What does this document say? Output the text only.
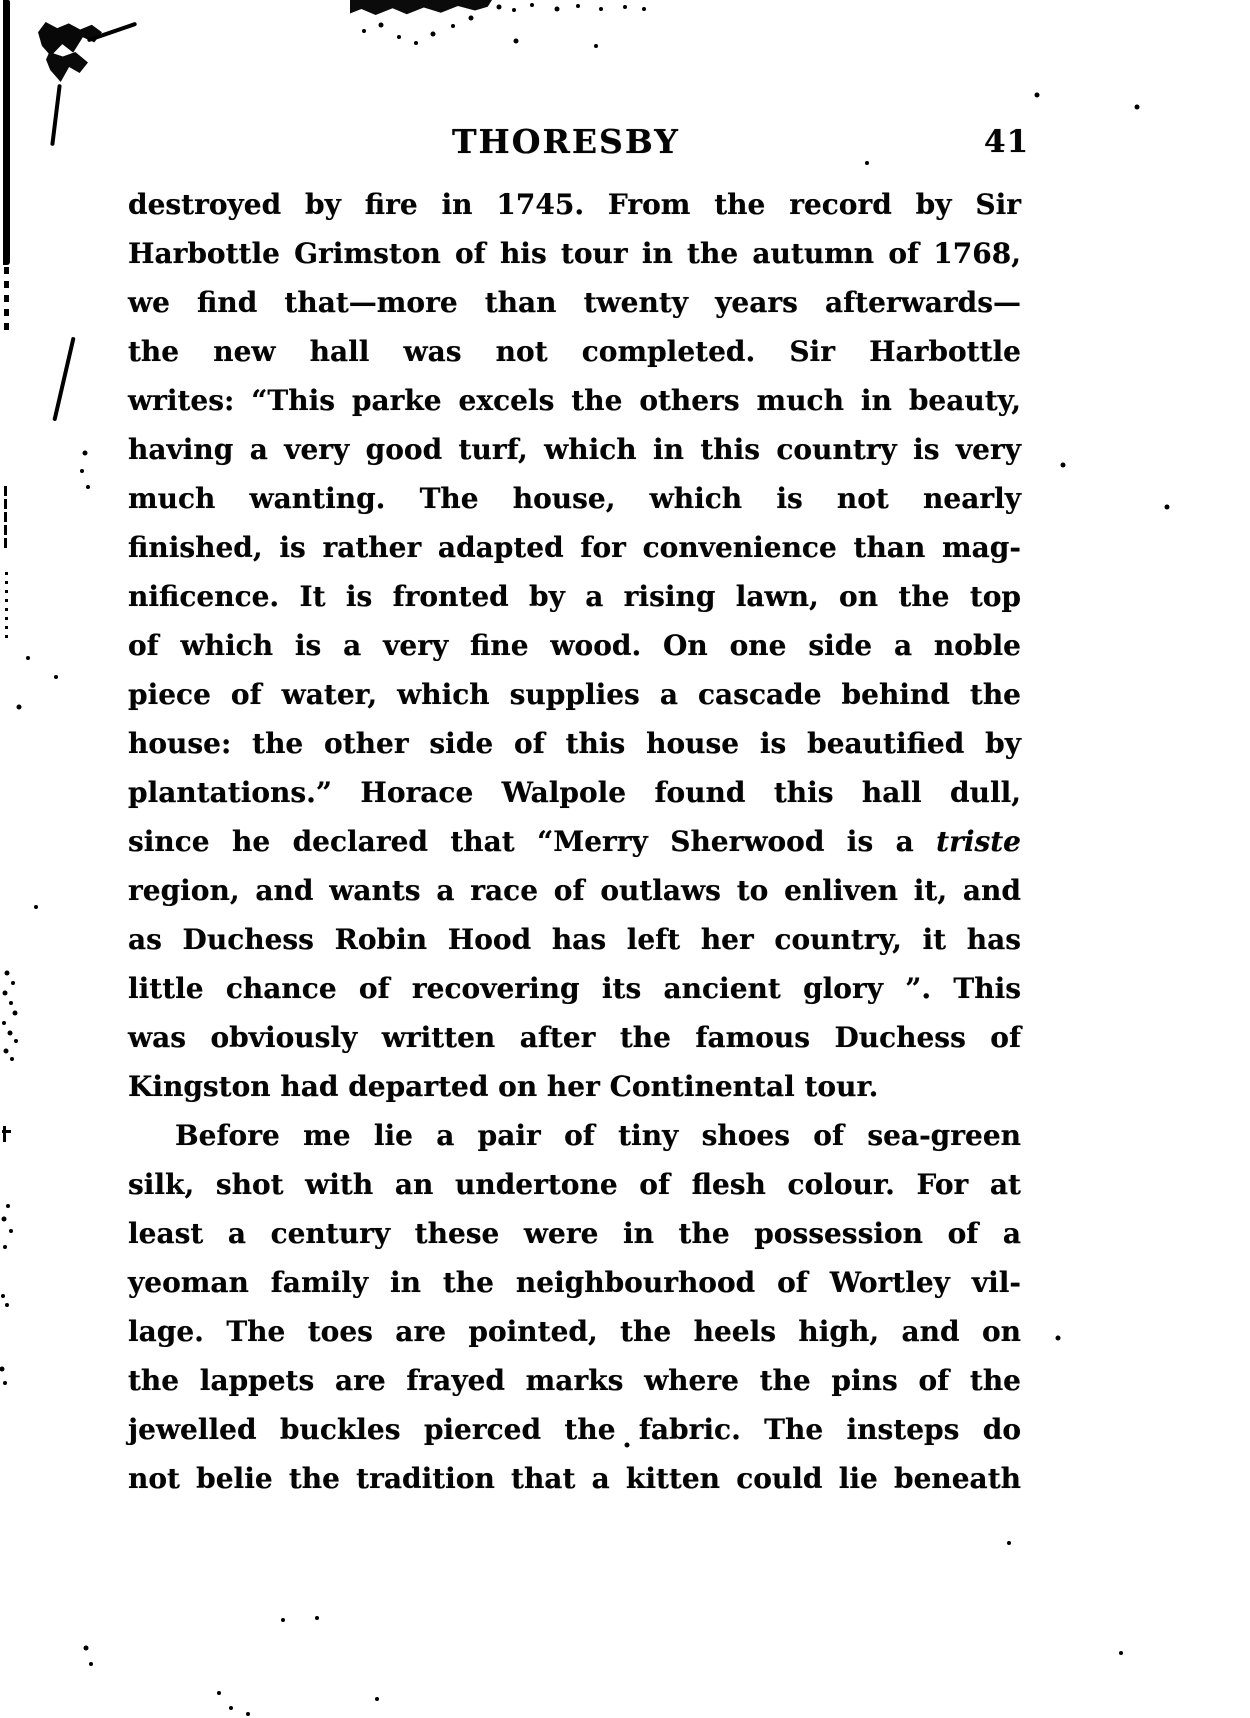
THORESBY	41
destroyed by fire in 1745. From the record by Sir
Harbottle Grimston of his tour in the autumn of 1768,
we find that—more than twenty years afterwards—
the new hall was not completed. Sir Harbottle
writes: “This parke excels the others much in beauty,
having a very good turf, which in this country is very
much wanting. The house, which is not nearly
finished, is rather adapted for convenience than mag-
nificence. It is fronted by a rising lawn, on the top
of which is a very fine wood. On one side a noble
piece of water, which supplies a cascade behind the
house: the other side of this house is beautified by
plantations.” Horace Walpole found this hall dull,
since he declared that “Merry Sherwood is a triste
region, and wants a race of outlaws to enliven it, and
as Duchess Robin Hood has left her country, it has
little chance of recovering its ancient glory ”. This
was obviously written after the famous Duchess of
Kingston had departed on her Continental tour.
Before me lie a pair of tiny shoes of sea-green
silk, shot with an undertone of flesh colour. For at
least a century these were in the possession of a
yeoman family in the neighbourhood of Wortley vil-
lage. The toes are pointed, the heels high, and on
the lappets are frayed marks where the pins of the
jewelled buckles pierced the fabric. The insteps do
not belie the tradition that a kitten could lie beneath
